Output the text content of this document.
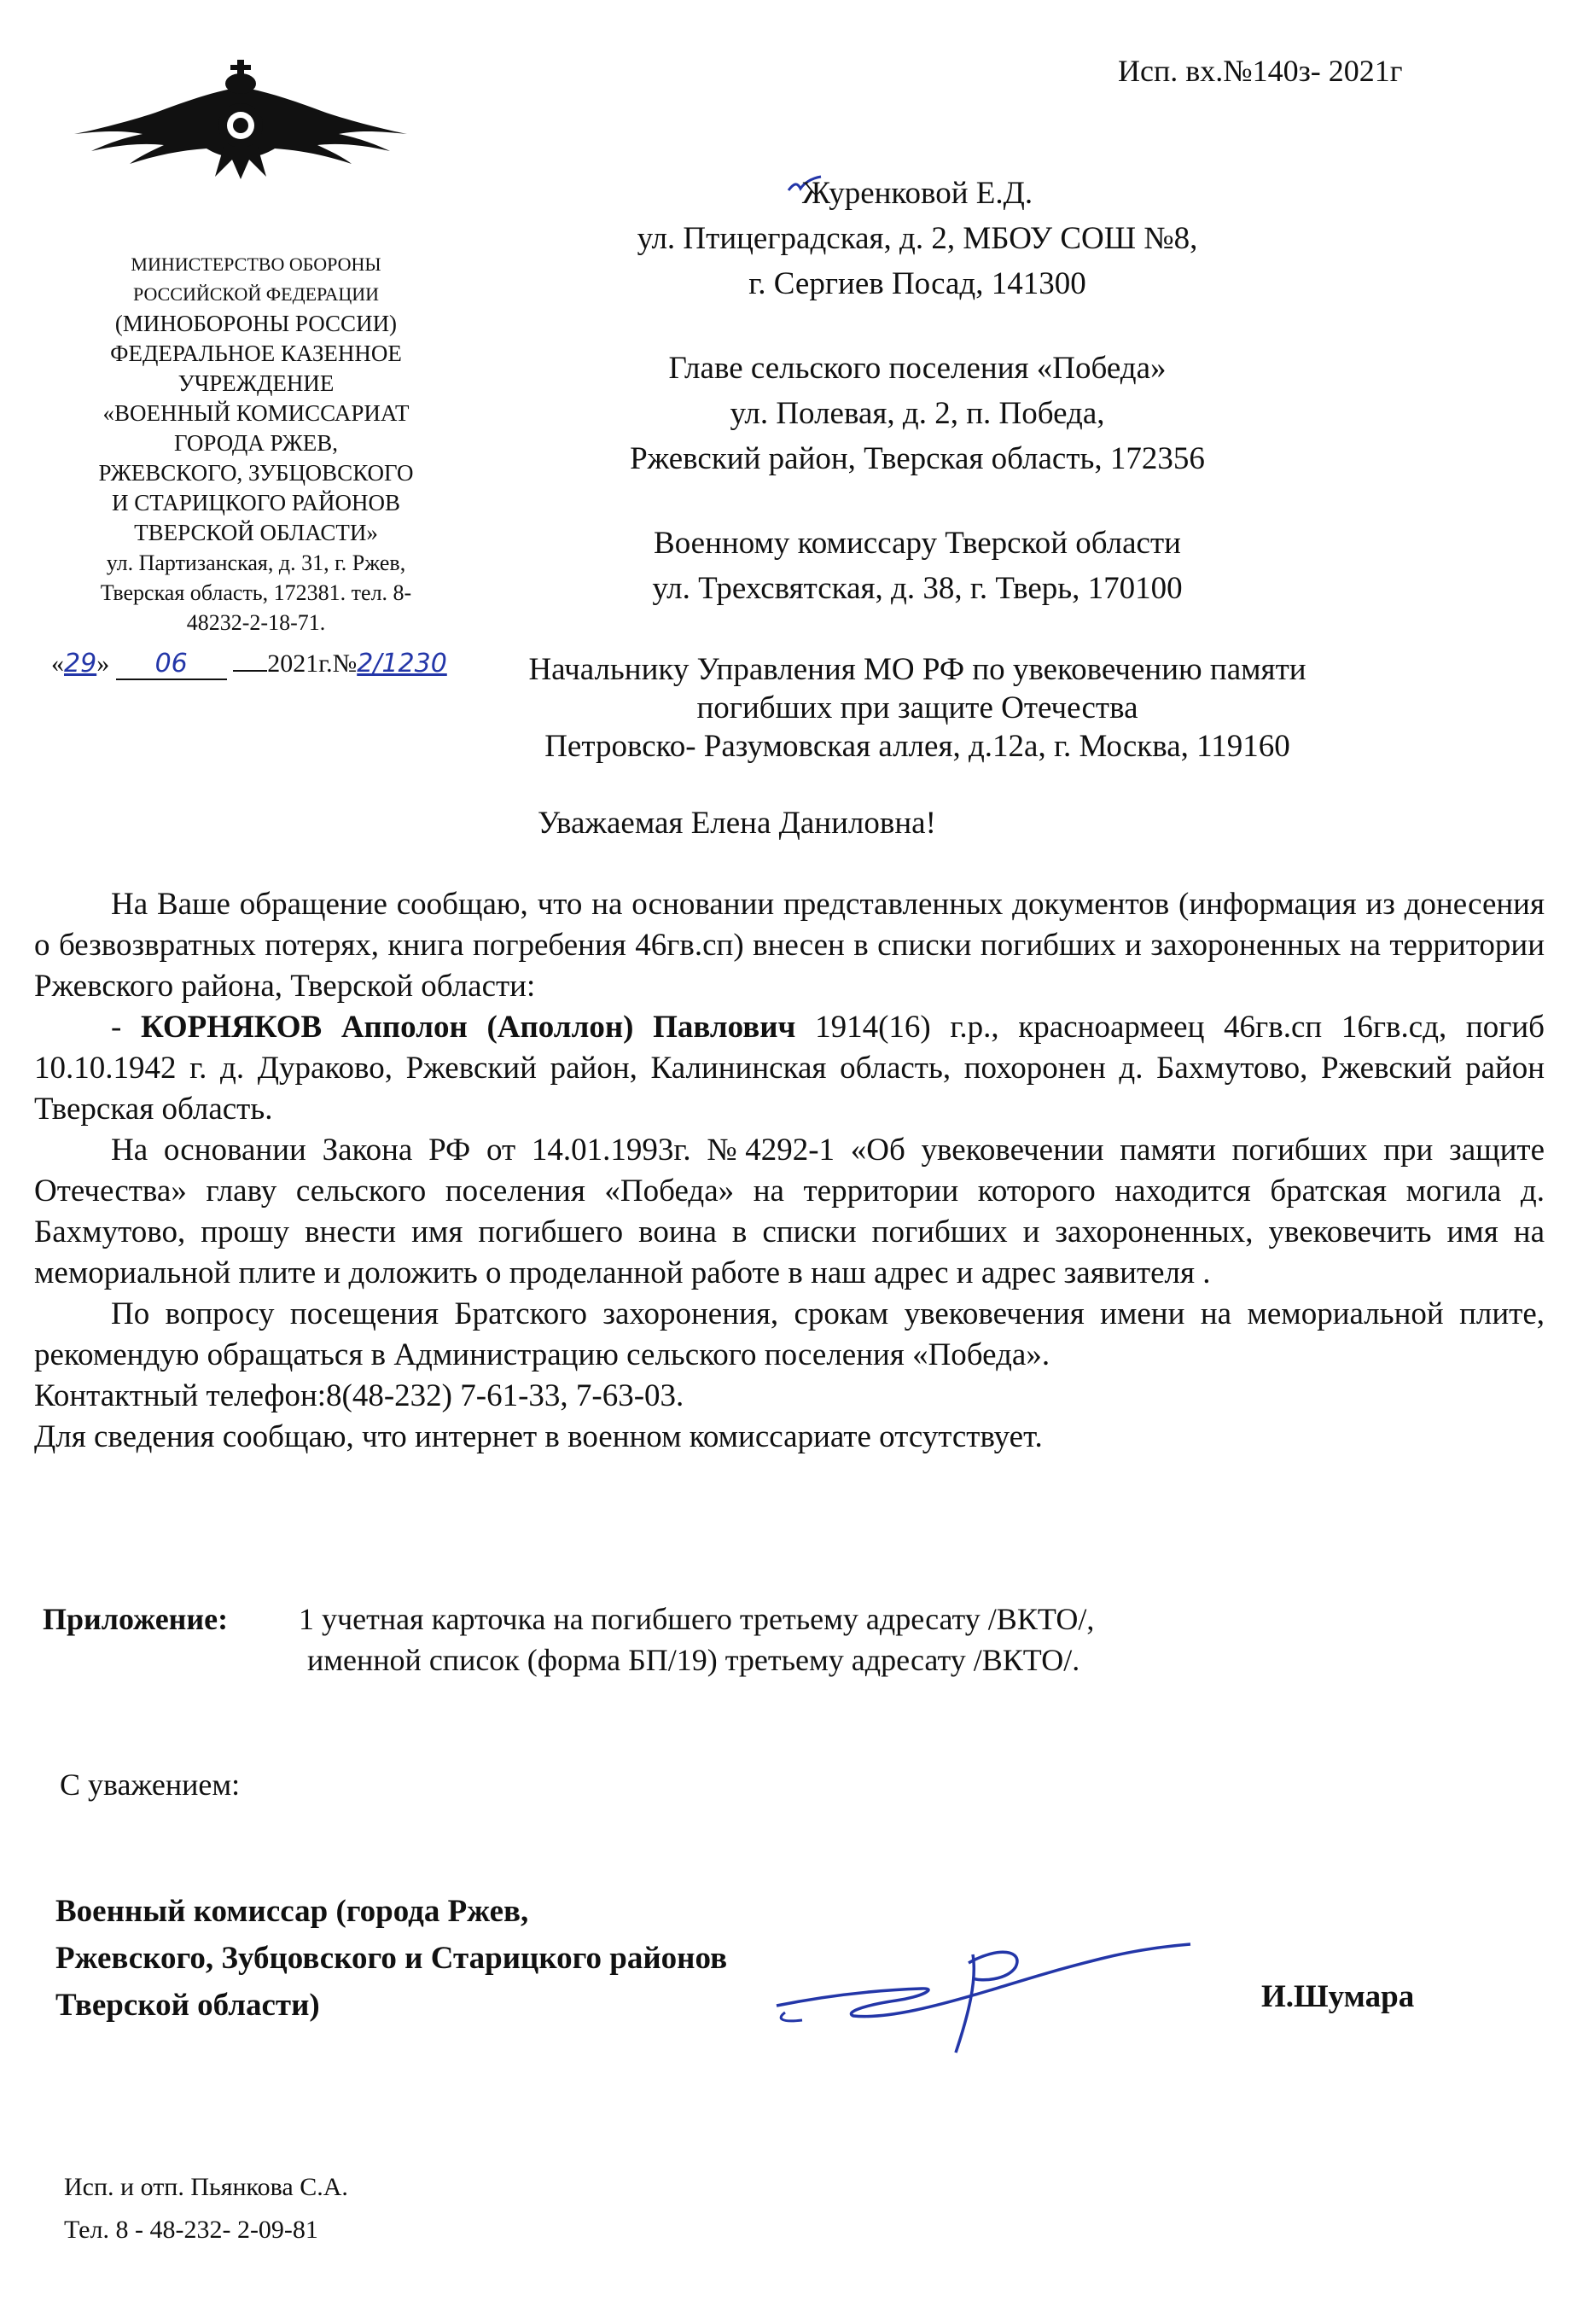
Исп. вх.№140з- 2021г
МИНИСТЕРСТВО ОБОРОНЫ
РОССИЙСКОЙ ФЕДЕРАЦИИ
(МИНОБОРОНЫ РОССИИ)
ФЕДЕРАЛЬНОЕ КАЗЕННОЕ
УЧРЕЖДЕНИЕ
«ВОЕННЫЙ КОМИССАРИАТ
ГОРОДА РЖЕВ,
РЖЕВСКОГО, ЗУБЦОВСКОГО
И СТАРИЦКОГО РАЙОНОВ
ТВЕРСКОЙ ОБЛАСТИ»
ул. Партизанская, д. 31, г. Ржев,
Тверская область, 172381. тел. 8-
48232-2-18-71.
«29» 06	2021г.№2/1230
Журенковой Е.Д.
ул. Птицеградская, д. 2, МБОУ СОШ №8,
г. Сергиев Посад, 141300
Главе сельского поселения «Победа»
ул. Полевая, д. 2, п. Победа,
Ржевский район, Тверская область, 172356
Военному комиссару Тверской области
ул. Трехсвятская, д. 38, г. Тверь, 170100
Начальнику Управления МО РФ по увековечению памяти
погибших при защите Отечества
Петровско- Разумовская аллея, д.12а, г. Москва, 119160
Уважаемая Елена Даниловна!

На Ваше обращение сообщаю, что на основании представленных документов (информация из донесения о безвозвратных потерях, книга погребения 46гв.сп) внесен в списки погибших и захороненных на территории Ржевского района, Тверской области:

- КОРНЯКОВ Апполон (Аполлон) Павлович 1914(16) г.р., красноармеец 46гв.сп 16гв.сд, погиб 10.10.1942 г. д. Дураково, Ржевский район, Калининская область, похоронен д. Бахмутово, Ржевский район Тверская область.

На основании Закона РФ от 14.01.1993г. №4292-1 «Об увековечении памяти погибших при защите Отечества» главу сельского поселения «Победа» на территории которого находится братская могила д. Бахмутово, прошу внести имя погибшего воина в списки погибших и захороненных, увековечить имя на мемориальной плите и доложить о проделанной работе в наш адрес и адрес заявителя .

По вопросу посещения Братского захоронения, срокам увековечения имени на мемориальной плите, рекомендую обращаться в Администрацию сельского поселения «Победа».

Контактный телефон:8(48-232) 7-61-33, 7-63-03.

Для сведения сообщаю, что интернет в военном комиссариате отсутствует.

Приложение: 1 учетная карточка на погибшего третьему адресату /ВКТО/,
именной список (форма БП/19) третьему адресату /ВКТО/.
С уважением:
Военный комиссар (города Ржев,
Ржевского, Зубцовского и Старицкого районов
Тверской области)	И.Шумара
Исп. и отп. Пьянкова С.А.
Тел. 8 - 48-232- 2-09-81
